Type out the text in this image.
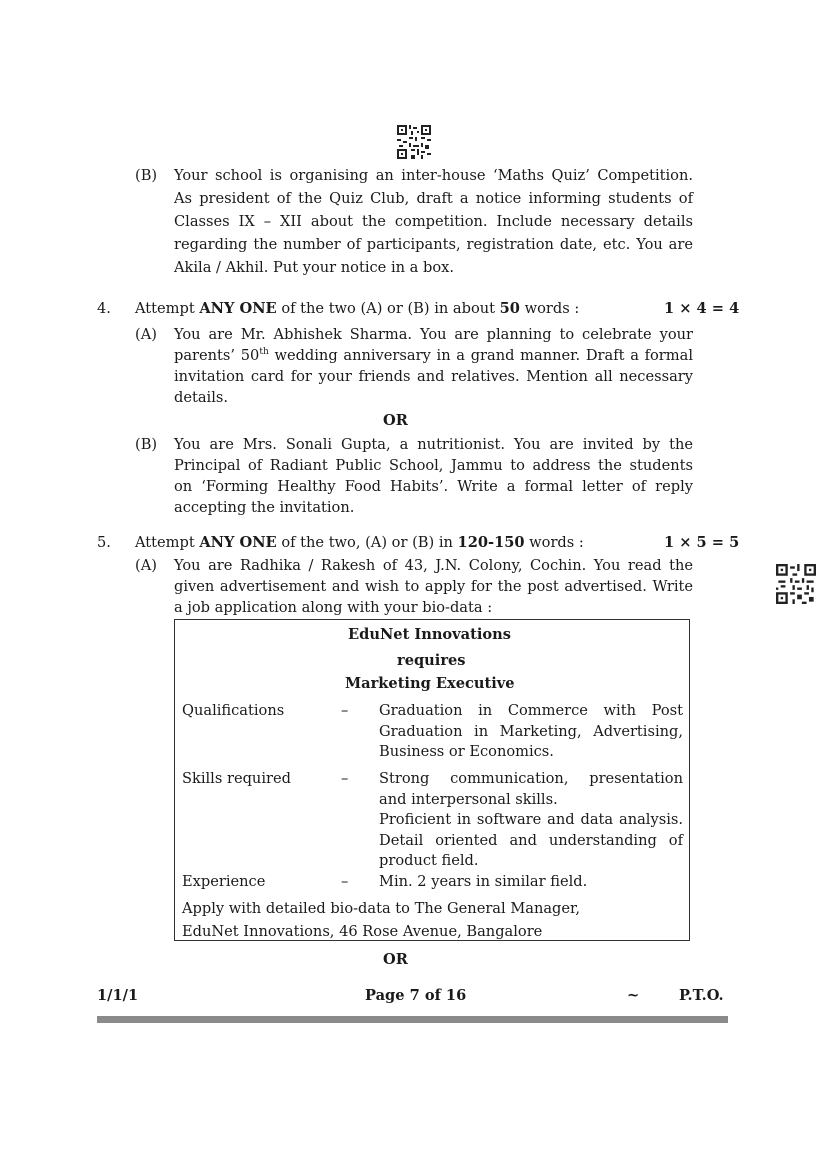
(B) Your school is organising an inter-house ‘Maths Quiz’ Competition.
As president of the Quiz Club, draft a notice informing students of
Classes IX – XII about the competition. Include necessary details
regarding the number of participants, registration date, etc. You are
Akila / Akhil. Put your notice in a box.
4. Attempt ANY ONE of the two (A) or (B) in about 50 words :	1 × 4 = 4
(A) You are Mr. Abhishek Sharma. You are planning to celebrate your
parents’ 50th wedding anniversary in a grand manner. Draft a formal
invitation card for your friends and relatives. Mention all necessary
details.
OR
(B) You are Mrs. Sonali Gupta, a nutritionist. You are invited by the
Principal of Radiant Public School, Jammu to address the students
on ‘Forming Healthy Food Habits’. Write a formal letter of reply
accepting the invitation.
5. Attempt ANY ONE of the two, (A) or (B) in 120-150 words :	1 × 5 = 5
(A) You are Radhika / Rakesh of 43, J.N. Colony, Cochin. You read the
given advertisement and wish to apply for the post advertised. Write
a job application along with your bio-data :
EduNet Innovations
requires
Marketing Executive
Qualifications	– Graduation in Commerce with Post
Graduation in Marketing, Advertising,
Business or Economics.
Skills required	– Strong communication, presentation
and interpersonal skills.
Proficient in software and data analysis.
Detail oriented and understanding of
product field.
Experience	– Min. 2 years in similar field.
Apply with detailed bio-data to The General Manager,
EduNet Innovations, 46 Rose Avenue, Bangalore
OR
1/1/1	Page 7 of 16	~	P.T.O.
